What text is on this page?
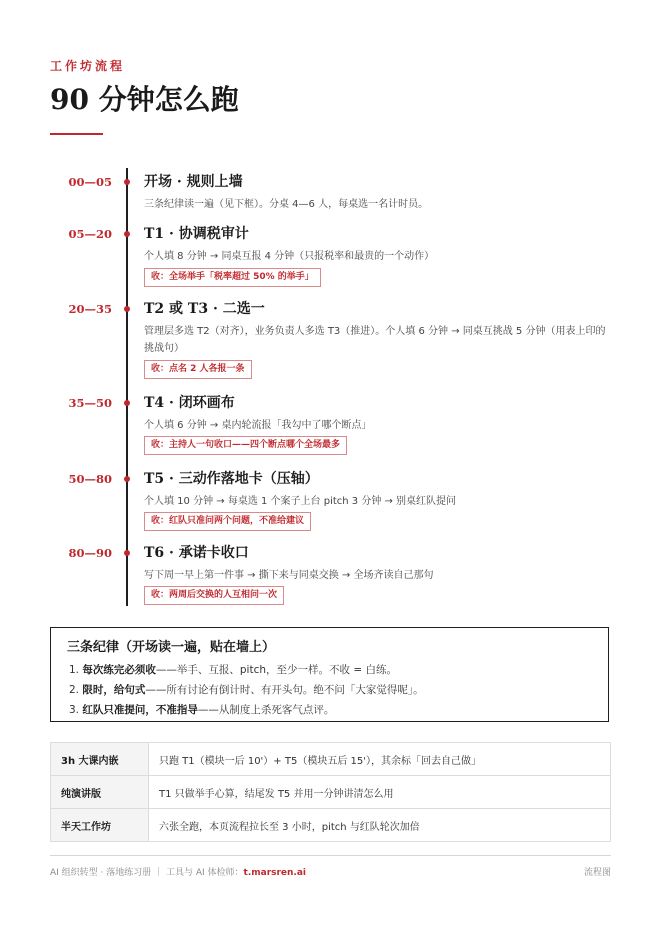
工作坊流程
90 分钟怎么跑
00—05 开场 · 规则上墙
三条纪律读一遍（见下框）。分桌 4—6 人，每桌选一名计时员。
05—20 T1 · 协调税审计
个人填 8 分钟 → 同桌互报 4 分钟（只报税率和最贵的一个动作）
收：全场举手「税率超过 50% 的举手」
20—35 T2 或 T3 · 二选一
管理层多选 T2（对齐），业务负责人多选 T3（推进）。个人填 6 分钟 → 同桌互挑战 5 分钟（用表上印的挑战句）
收：点名 2 人各报一条
35—50 T4 · 闭环画布
个人填 6 分钟 → 桌内轮流报「我勾中了哪个断点」
收：主持人一句收口——四个断点哪个全场最多
50—80 T5 · 三动作落地卡（压轴）
个人填 10 分钟 → 每桌选 1 个案子上台 pitch 3 分钟 → 别桌红队提问
收：红队只准问两个问题，不准给建议
80—90 T6 · 承诺卡收口
写下周一早上第一件事 → 撕下来与同桌交换 → 全场齐读自己那句
收：两周后交换的人互相问一次
三条纪律（开场读一遍，贴在墙上）
1. 每次练完必须收——举手、互报、pitch，至少一样。不收 = 白练。
2. 限时，给句式——所有讨论有倒计时、有开头句。绝不问「大家觉得呢」。
3. 红队只准提问，不准指导——从制度上杀死客气点评。
3h 大课内嵌	只跑 T1（模块一后 10'）+ T5（模块五后 15'），其余标「回去自己做」
纯演讲版	T1 只做举手心算，结尾发 T5 并用一分钟讲清怎么用
半天工作坊	六张全跑，本页流程拉长至 3 小时，pitch 与红队轮次加倍
AI 组织转型 · 落地练习册 ｜ 工具与 AI 体检师：t.marsren.ai	流程图
